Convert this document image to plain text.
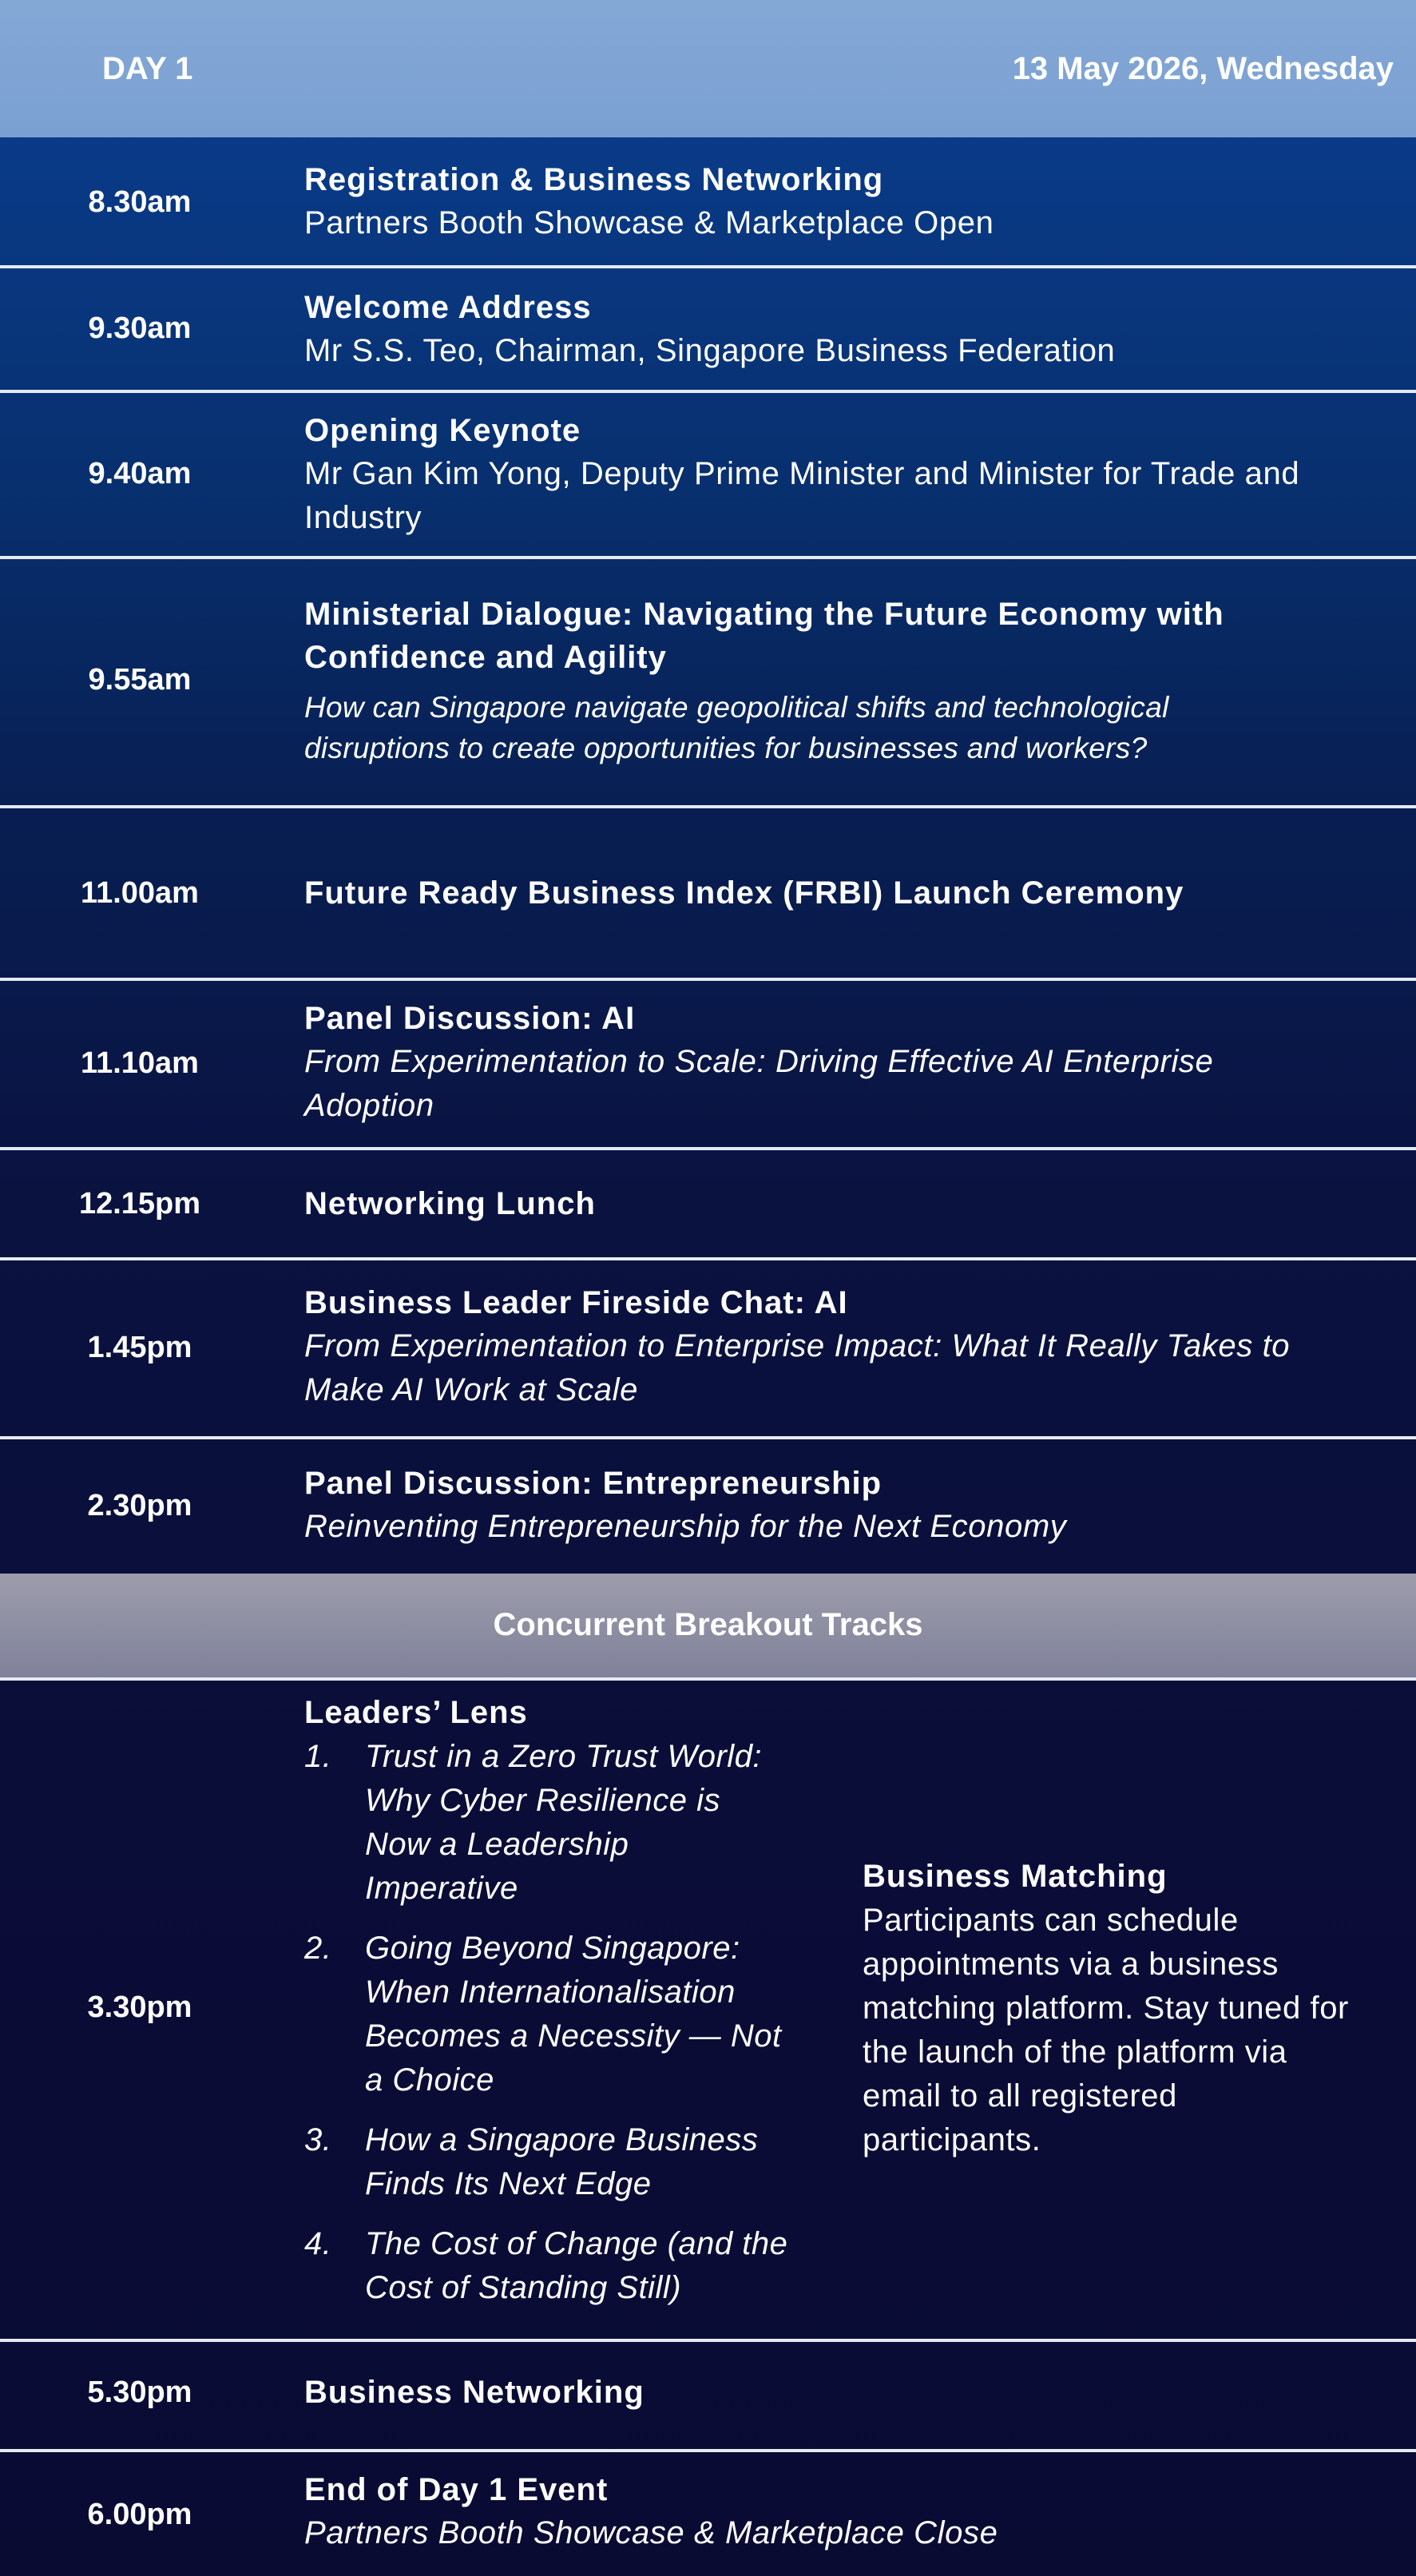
DAY 1	13 May 2026, Wednesday
8.30am
Registration & Business Networking
Partners Booth Showcase & Marketplace Open
9.30am
Welcome Address
Mr S.S. Teo, Chairman, Singapore Business Federation
9.40am
Opening Keynote
Mr Gan Kim Yong, Deputy Prime Minister and Minister for Trade and
Industry
9.55am
Ministerial Dialogue: Navigating the Future Economy with
Confidence and Agility
How can Singapore navigate geopolitical shifts and technological
disruptions to create opportunities for businesses and workers?
11.00am	Future Ready Business Index (FRBI) Launch Ceremony
11.10am
Panel Discussion: AI
From Experimentation to Scale: Driving Effective AI Enterprise
Adoption
12.15pm	Networking Lunch
1.45pm
Business Leader Fireside Chat: AI
From Experimentation to Enterprise Impact: What It Really Takes to
Make AI Work at Scale
2.30pm
Panel Discussion: Entrepreneurship
Reinventing Entrepreneurship for the Next Economy
Concurrent Breakout Tracks
3.30pm
Leaders’ Lens
1. Trust in a Zero Trust World:
Why Cyber Resilience is
Now a Leadership
Imperative
2. Going Beyond Singapore:
When Internationalisation
Becomes a Necessity — Not
a Choice
3. How a Singapore Business
Finds Its Next Edge
4. The Cost of Change (and the
Cost of Standing Still)
Business Matching
Participants can schedule
appointments via a business
matching platform. Stay tuned for
the launch of the platform via
email to all registered
participants.
5.30pm	Business Networking
6.00pm
End of Day 1 Event
Partners Booth Showcase & Marketplace Close
